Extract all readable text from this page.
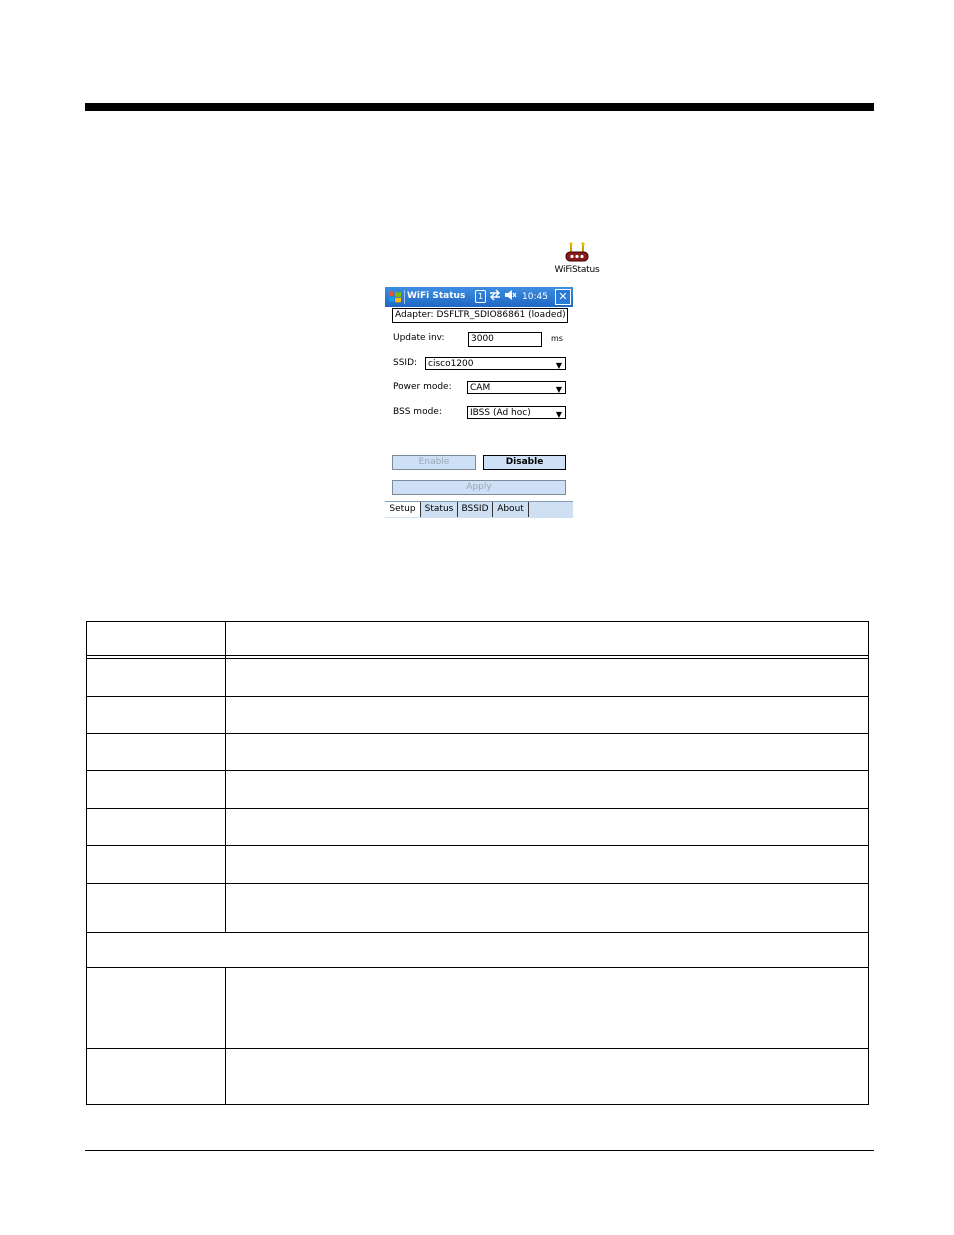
WiFiStatus
WiFi Status	1	10:45 ✕
Adapter: DSFLTR_SDIO86861 (loaded)
Update inv:	3000	ms
SSID:	cisco1200	▼
Power mode:	CAM	▼
BSS mode:	IBSS (Ad hoc)	▼
Enable	Disable
Apply
Setup	Status BSSID About
